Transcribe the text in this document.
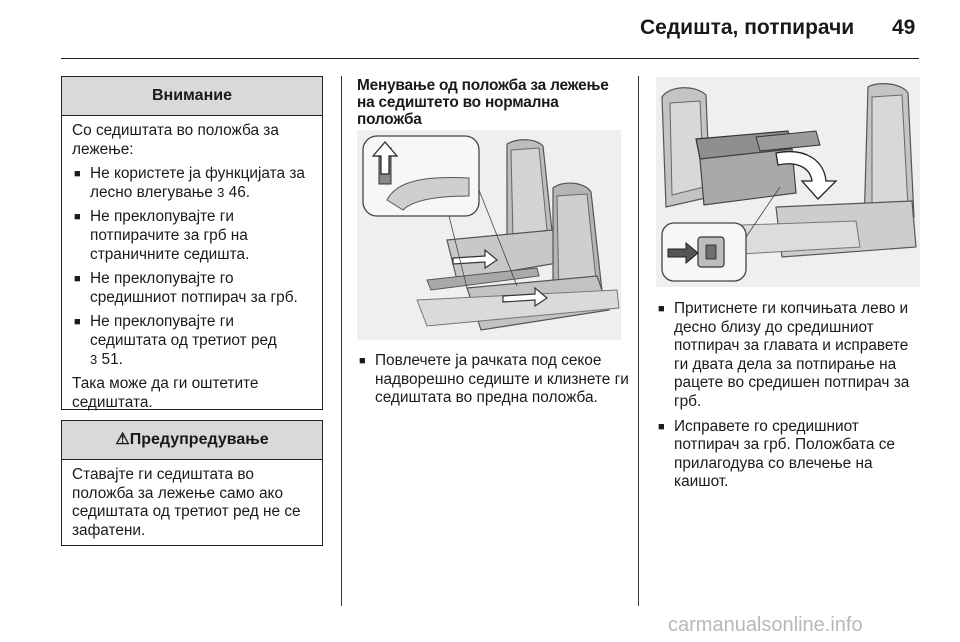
Седишта, потпирачи 49
Внимание

Со седиштата во положба за лежење:

■ Не користете ја функцијата за лесно влегување 3 46.
■ Не преклопувајте ги потпирачите за грб на страничните седишта.
■ Не преклопувајте го средишниот потпирач за грб.
■ Не преклопувајте ги седиштата од третиот ред
3 51.

Така може да ги оштетите седиштата.

⚠Предупредување

Ставајте ги седиштата во положба за лежење само ако седиштата од третиот ред не се зафатени.

Менување од положба за лежење на седиштето во нормална положба
■ Повлечете ја рачката под секое надворешно седиште и клизнете ги седиштата во предна положба.
■ Притиснете ги копчињата лево и десно близу до средишниот потпирач за главата и исправете ги двата дела за потпирање на рацете во средишен потпирач за грб.
■ Исправете го средишниот потпирач за грб. Положбата се прилагодува со влечење на каишот.
carmanualsonline.info
